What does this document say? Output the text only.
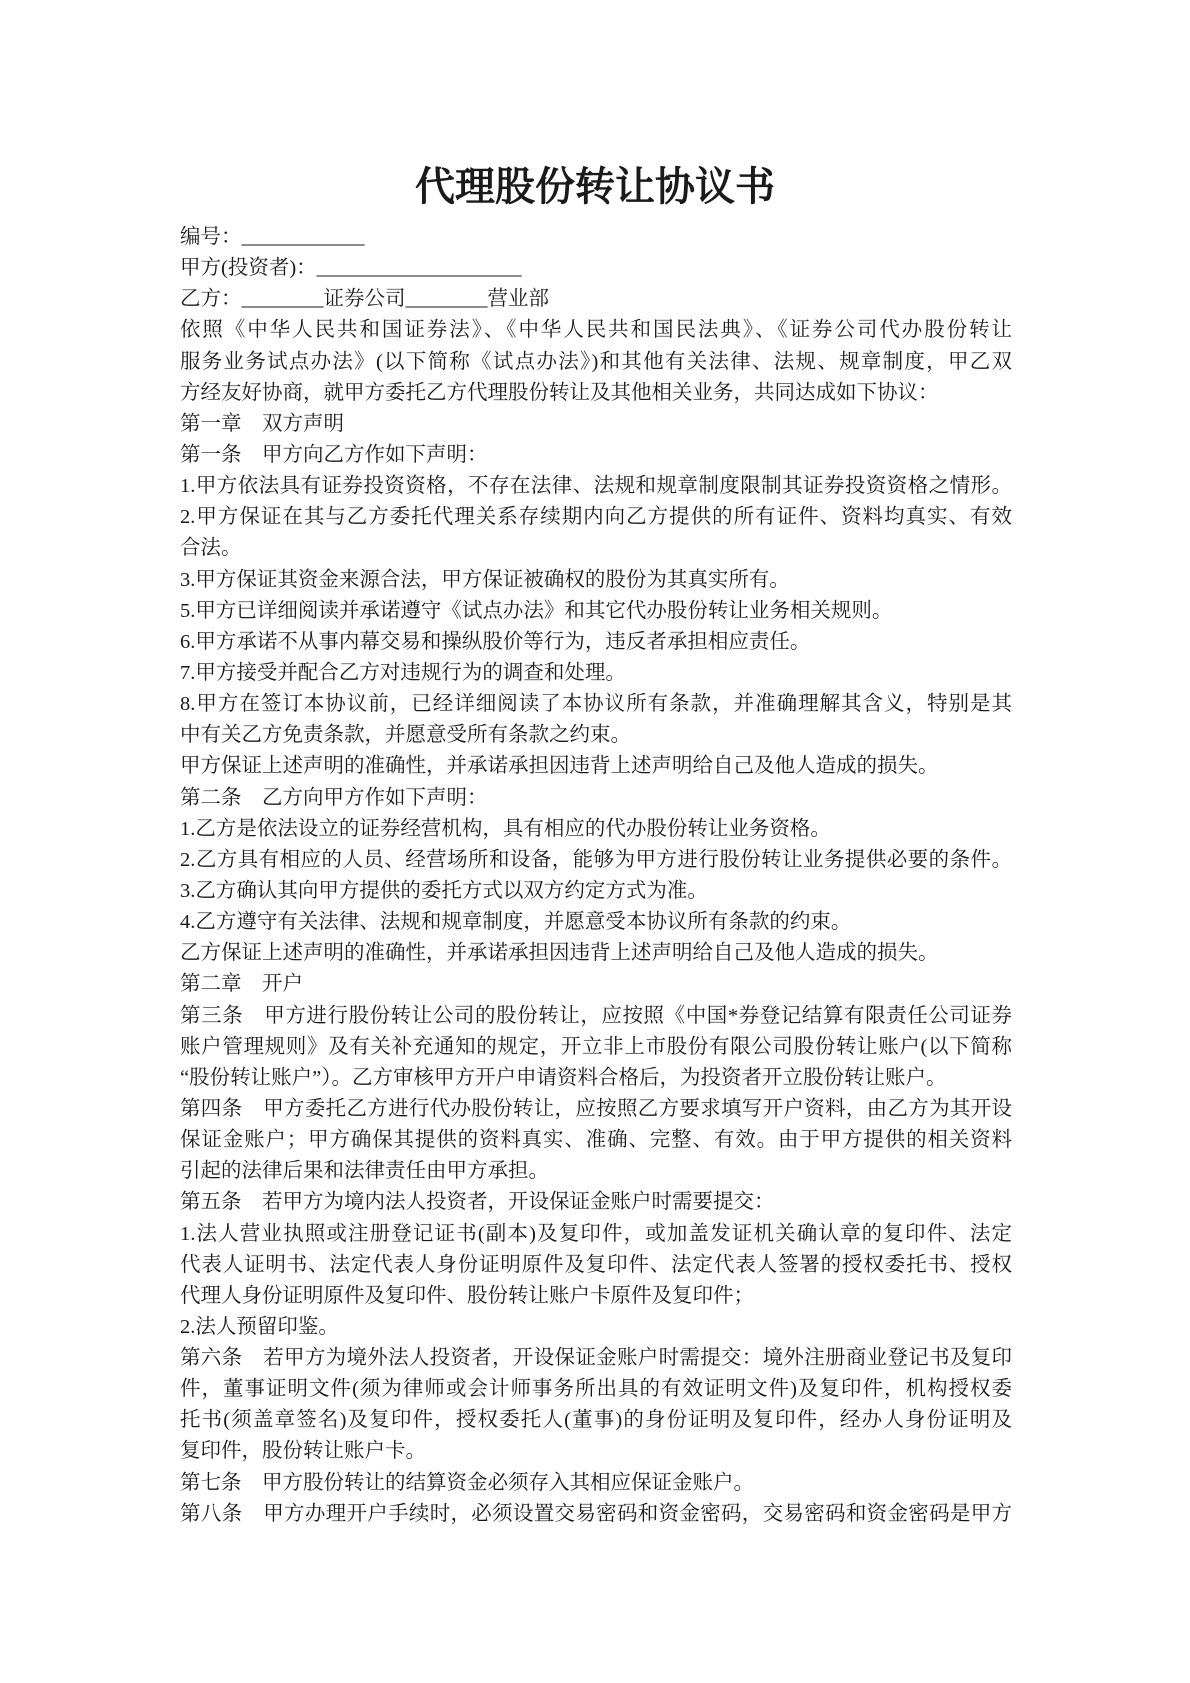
代理股份转让协议书
编号：____________
甲方(投资者)：____________________
乙方：________证券公司________营业部
依照《中华人民共和国证券法》、《中华人民共和国民法典》、《证券公司代办股份转让
服务业务试点办法》(以下简称《试点办法》)和其他有关法律、法规、规章制度，甲乙双
方经友好协商，就甲方委托乙方代理股份转让及其他相关业务，共同达成如下协议：
第一章　双方声明
第一条　甲方向乙方作如下声明：
1.甲方依法具有证券投资资格，不存在法律、法规和规章制度限制其证券投资资格之情形。
2.甲方保证在其与乙方委托代理关系存续期内向乙方提供的所有证件、资料均真实、有效
合法。
3.甲方保证其资金来源合法，甲方保证被确权的股份为其真实所有。
5.甲方已详细阅读并承诺遵守《试点办法》和其它代办股份转让业务相关规则。
6.甲方承诺不从事内幕交易和操纵股价等行为，违反者承担相应责任。
7.甲方接受并配合乙方对违规行为的调查和处理。
8.甲方在签订本协议前，已经详细阅读了本协议所有条款，并准确理解其含义，特别是其
中有关乙方免责条款，并愿意受所有条款之约束。
甲方保证上述声明的准确性，并承诺承担因违背上述声明给自己及他人造成的损失。
第二条　乙方向甲方作如下声明：
1.乙方是依法设立的证券经营机构，具有相应的代办股份转让业务资格。
2.乙方具有相应的人员、经营场所和设备，能够为甲方进行股份转让业务提供必要的条件。
3.乙方确认其向甲方提供的委托方式以双方约定方式为准。
4.乙方遵守有关法律、法规和规章制度，并愿意受本协议所有条款的约束。
乙方保证上述声明的准确性，并承诺承担因违背上述声明给自己及他人造成的损失。
第二章　开户
第三条　甲方进行股份转让公司的股份转让，应按照《中国*券登记结算有限责任公司证券
账户管理规则》及有关补充通知的规定，开立非上市股份有限公司股份转让账户(以下简称
“股份转让账户”）。乙方审核甲方开户申请资料合格后，为投资者开立股份转让账户。
第四条　甲方委托乙方进行代办股份转让，应按照乙方要求填写开户资料，由乙方为其开设
保证金账户；甲方确保其提供的资料真实、准确、完整、有效。由于甲方提供的相关资料
引起的法律后果和法律责任由甲方承担。
第五条　若甲方为境内法人投资者，开设保证金账户时需要提交：
1.法人营业执照或注册登记证书(副本)及复印件，或加盖发证机关确认章的复印件、法定
代表人证明书、法定代表人身份证明原件及复印件、法定代表人签署的授权委托书、授权
代理人身份证明原件及复印件、股份转让账户卡原件及复印件；
2.法人预留印鉴。
第六条　若甲方为境外法人投资者，开设保证金账户时需提交：境外注册商业登记书及复印
件，董事证明文件(须为律师或会计师事务所出具的有效证明文件)及复印件，机构授权委
托书(须盖章签名)及复印件，授权委托人(董事)的身份证明及复印件，经办人身份证明及
复印件，股份转让账户卡。
第七条　甲方股份转让的结算资金必须存入其相应保证金账户。
第八条　甲方办理开户手续时，必须设置交易密码和资金密码，交易密码和资金密码是甲方
